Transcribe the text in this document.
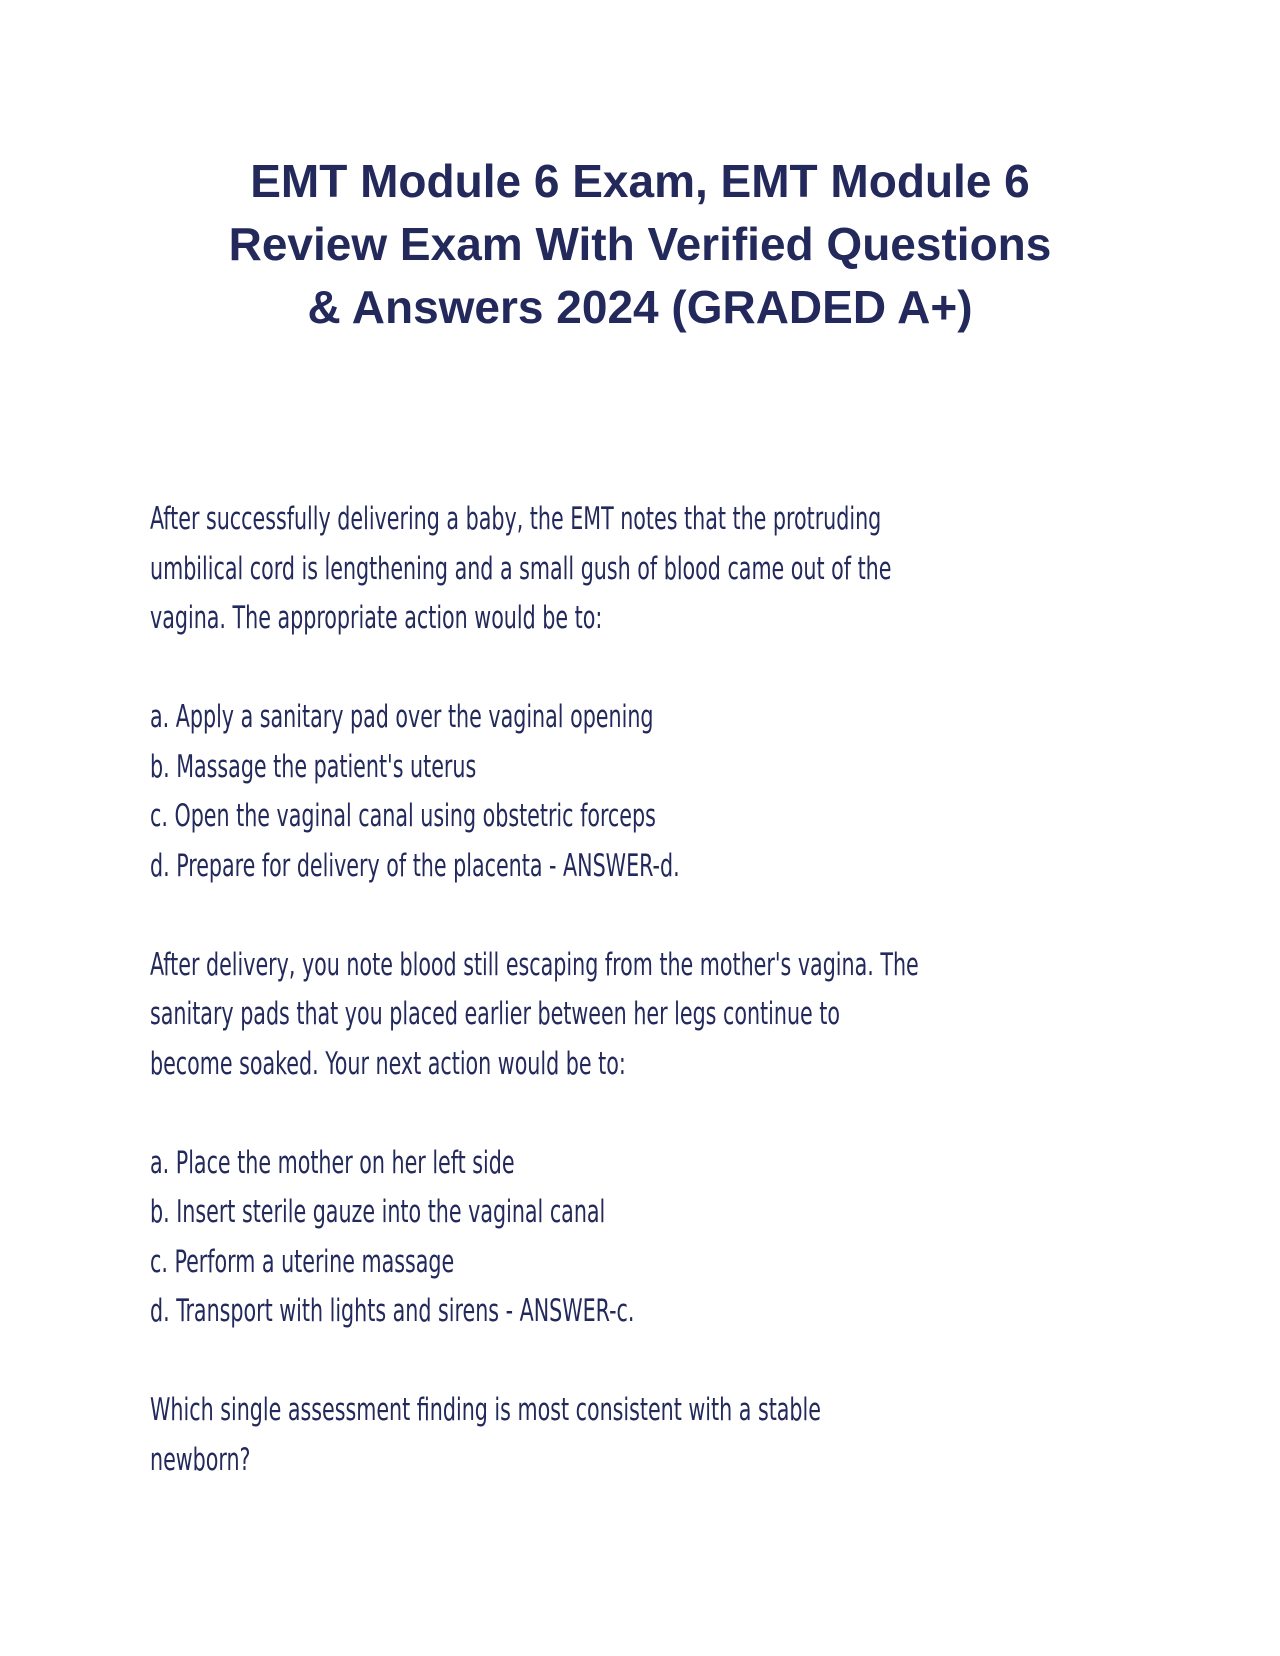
EMT Module 6 Exam, EMT Module 6
Review Exam With Verified Questions
& Answers 2024 (GRADED A+)

After successfully delivering a baby, the EMT notes that the protruding

umbilical cord is lengthening and a small gush of blood came out of the

vagina. The appropriate action would be to:

a. Apply a sanitary pad over the vaginal opening

b. Massage the patient's uterus

c. Open the vaginal canal using obstetric forceps

d. Prepare for delivery of the placenta - ANSWER-d.

After delivery, you note blood still escaping from the mother's vagina. The

sanitary pads that you placed earlier between her legs continue to

become soaked. Your next action would be to:

a. Place the mother on her left side

b. Insert sterile gauze into the vaginal canal

c. Perform a uterine massage

d. Transport with lights and sirens - ANSWER-c.

Which single assessment finding is most consistent with a stable

newborn?
